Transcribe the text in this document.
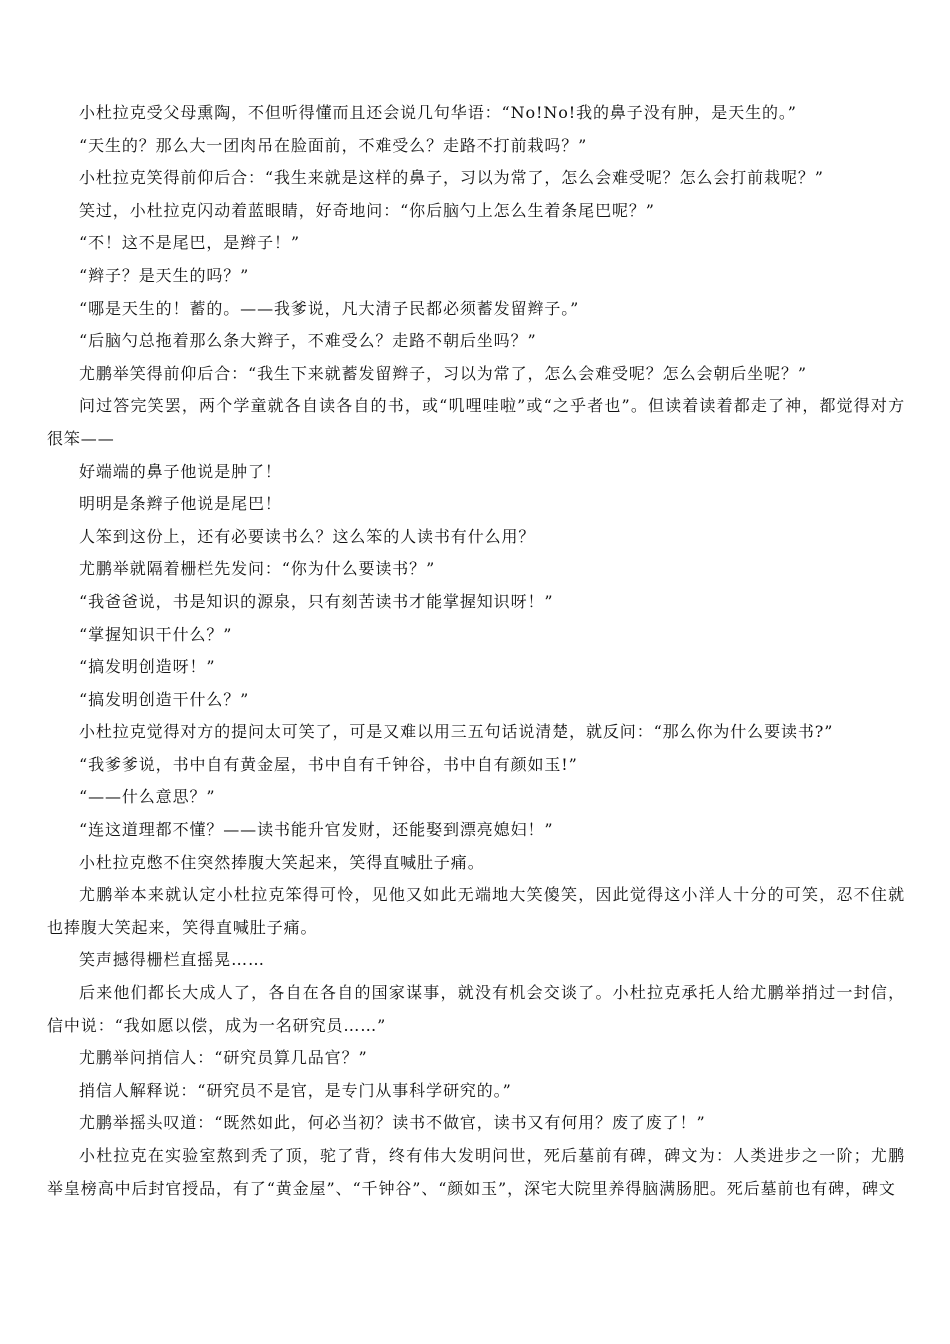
小杜拉克受父母熏陶，不但听得懂而且还会说几句华语：“No!No!我的鼻子没有肿，是天生的。”

“天生的？那么大一团肉吊在脸面前，不难受么？走路不打前栽吗？”

小杜拉克笑得前仰后合：“我生来就是这样的鼻子，习以为常了，怎么会难受呢？怎么会打前栽呢？”

笑过，小杜拉克闪动着蓝眼睛，好奇地问：“你后脑勺上怎么生着条尾巴呢？”

“不！这不是尾巴，是辫子！”

“辫子？是天生的吗？”

“哪是天生的！蓄的。——我爹说，凡大清子民都必须蓄发留辫子。”

“后脑勺总拖着那么条大辫子，不难受么？走路不朝后坐吗？”

尤鹏举笑得前仰后合：“我生下来就蓄发留辫子，习以为常了，怎么会难受呢？怎么会朝后坐呢？”

问过答完笑罢，两个学童就各自读各自的书，或“叽哩哇啦”或“之乎者也”。但读着读着都走了神，都觉得对方很笨——

好端端的鼻子他说是肿了！

明明是条辫子他说是尾巴！

人笨到这份上，还有必要读书么？这么笨的人读书有什么用？

尤鹏举就隔着栅栏先发问：“你为什么要读书？”

“我爸爸说，书是知识的源泉，只有刻苦读书才能掌握知识呀！”

“掌握知识干什么？”

“搞发明创造呀！”

“搞发明创造干什么？”

小杜拉克觉得对方的提问太可笑了，可是又难以用三五句话说清楚，就反问：“那么你为什么要读书?”

“我爹爹说，书中自有黄金屋，书中自有千钟谷，书中自有颜如玉!”

“——什么意思？”

“连这道理都不懂？——读书能升官发财，还能娶到漂亮媳妇！”

小杜拉克憋不住突然捧腹大笑起来，笑得直喊肚子痛。

尤鹏举本来就认定小杜拉克笨得可怜，见他又如此无端地大笑傻笑，因此觉得这小洋人十分的可笑，忍不住就也捧腹大笑起来，笑得直喊肚子痛。

笑声撼得栅栏直摇晃……

后来他们都长大成人了，各自在各自的国家谋事，就没有机会交谈了。小杜拉克承托人给尤鹏举捎过一封信，信中说：“我如愿以偿，成为一名研究员……”

尤鹏举问捎信人：“研究员算几品官？”

捎信人解释说：“研究员不是官，是专门从事科学研究的。”

尤鹏举摇头叹道：“既然如此，何必当初？读书不做官，读书又有何用？废了废了！”

小杜拉克在实验室熬到秃了顶，驼了背，终有伟大发明问世，死后墓前有碑，碑文为：人类进步之一阶；尤鹏举皇榜高中后封官授品，有了“黄金屋”、“千钟谷”、“颜如玉”，深宅大院里养得脑满肠肥。死后墓前也有碑，碑文
